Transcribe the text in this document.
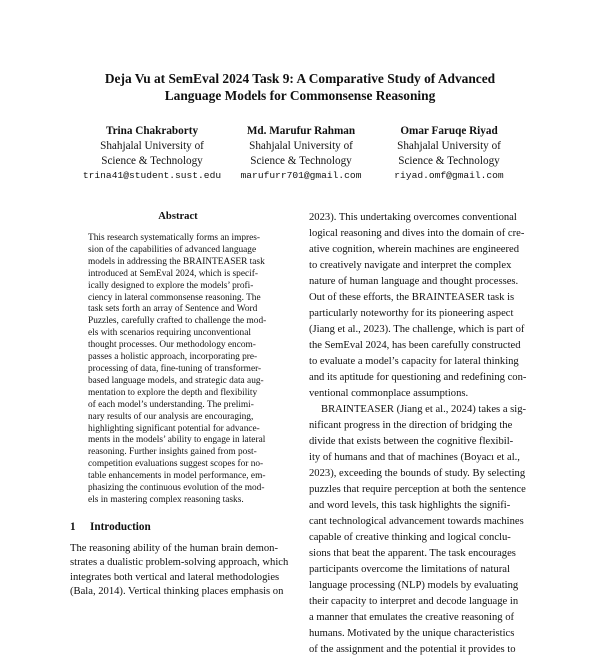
Deja Vu at SemEval 2024 Task 9: A Comparative Study of Advanced
Language Models for Commonsense Reasoning
Trina Chakraborty
Shahjalal University of
Science & Technology
trina41@student.sust.edu
Md. Marufur Rahman
Shahjalal University of
Science & Technology
marufurr701@gmail.com
Omar Faruqe Riyad
Shahjalal University of
Science & Technology
riyad.omf@gmail.com
Abstract
This research systematically forms an impres-
sion of the capabilities of advanced language
models in addressing the BRAINTEASER task
introduced at SemEval 2024, which is specif-
ically designed to explore the models’ profi-
ciency in lateral commonsense reasoning. The
task sets forth an array of Sentence and Word
Puzzles, carefully crafted to challenge the mod-
els with scenarios requiring unconventional
thought processes. Our methodology encom-
passes a holistic approach, incorporating pre-
processing of data, fine-tuning of transformer-
based language models, and strategic data aug-
mentation to explore the depth and flexibility
of each model’s understanding. The prelimi-
nary results of our analysis are encouraging,
highlighting significant potential for advance-
ments in the models’ ability to engage in lateral
reasoning. Further insights gained from post-
competition evaluations suggest scopes for no-
table enhancements in model performance, em-
phasizing the continuous evolution of the mod-
els in mastering complex reasoning tasks.
1 Introduction
The reasoning ability of the human brain demon-
strates a dualistic problem-solving approach, which
integrates both vertical and lateral methodologies
(Bala, 2014). Vertical thinking places emphasis on
2023). This undertaking overcomes conventional
logical reasoning and dives into the domain of cre-
ative cognition, wherein machines are engineered
to creatively navigate and interpret the complex
nature of human language and thought processes.
Out of these efforts, the BRAINTEASER task is
particularly noteworthy for its pioneering aspect
(Jiang et al., 2023). The challenge, which is part of
the SemEval 2024, has been carefully constructed
to evaluate a model’s capacity for lateral thinking
and its aptitude for questioning and redefining con-
ventional commonplace assumptions.
BRAINTEASER (Jiang et al., 2024) takes a sig-
nificant progress in the direction of bridging the
divide that exists between the cognitive flexibil-
ity of humans and that of machines (Boyacı et al.,
2023), exceeding the bounds of study. By selecting
puzzles that require perception at both the sentence
and word levels, this task highlights the signifi-
cant technological advancement towards machines
capable of creative thinking and logical conclu-
sions that beat the apparent. The task encourages
participants overcome the limitations of natural
language processing (NLP) models by evaluating
their capacity to interpret and decode language in
a manner that emulates the creative reasoning of
humans. Motivated by the unique characteristics
of the assignment and the potential it provides to
